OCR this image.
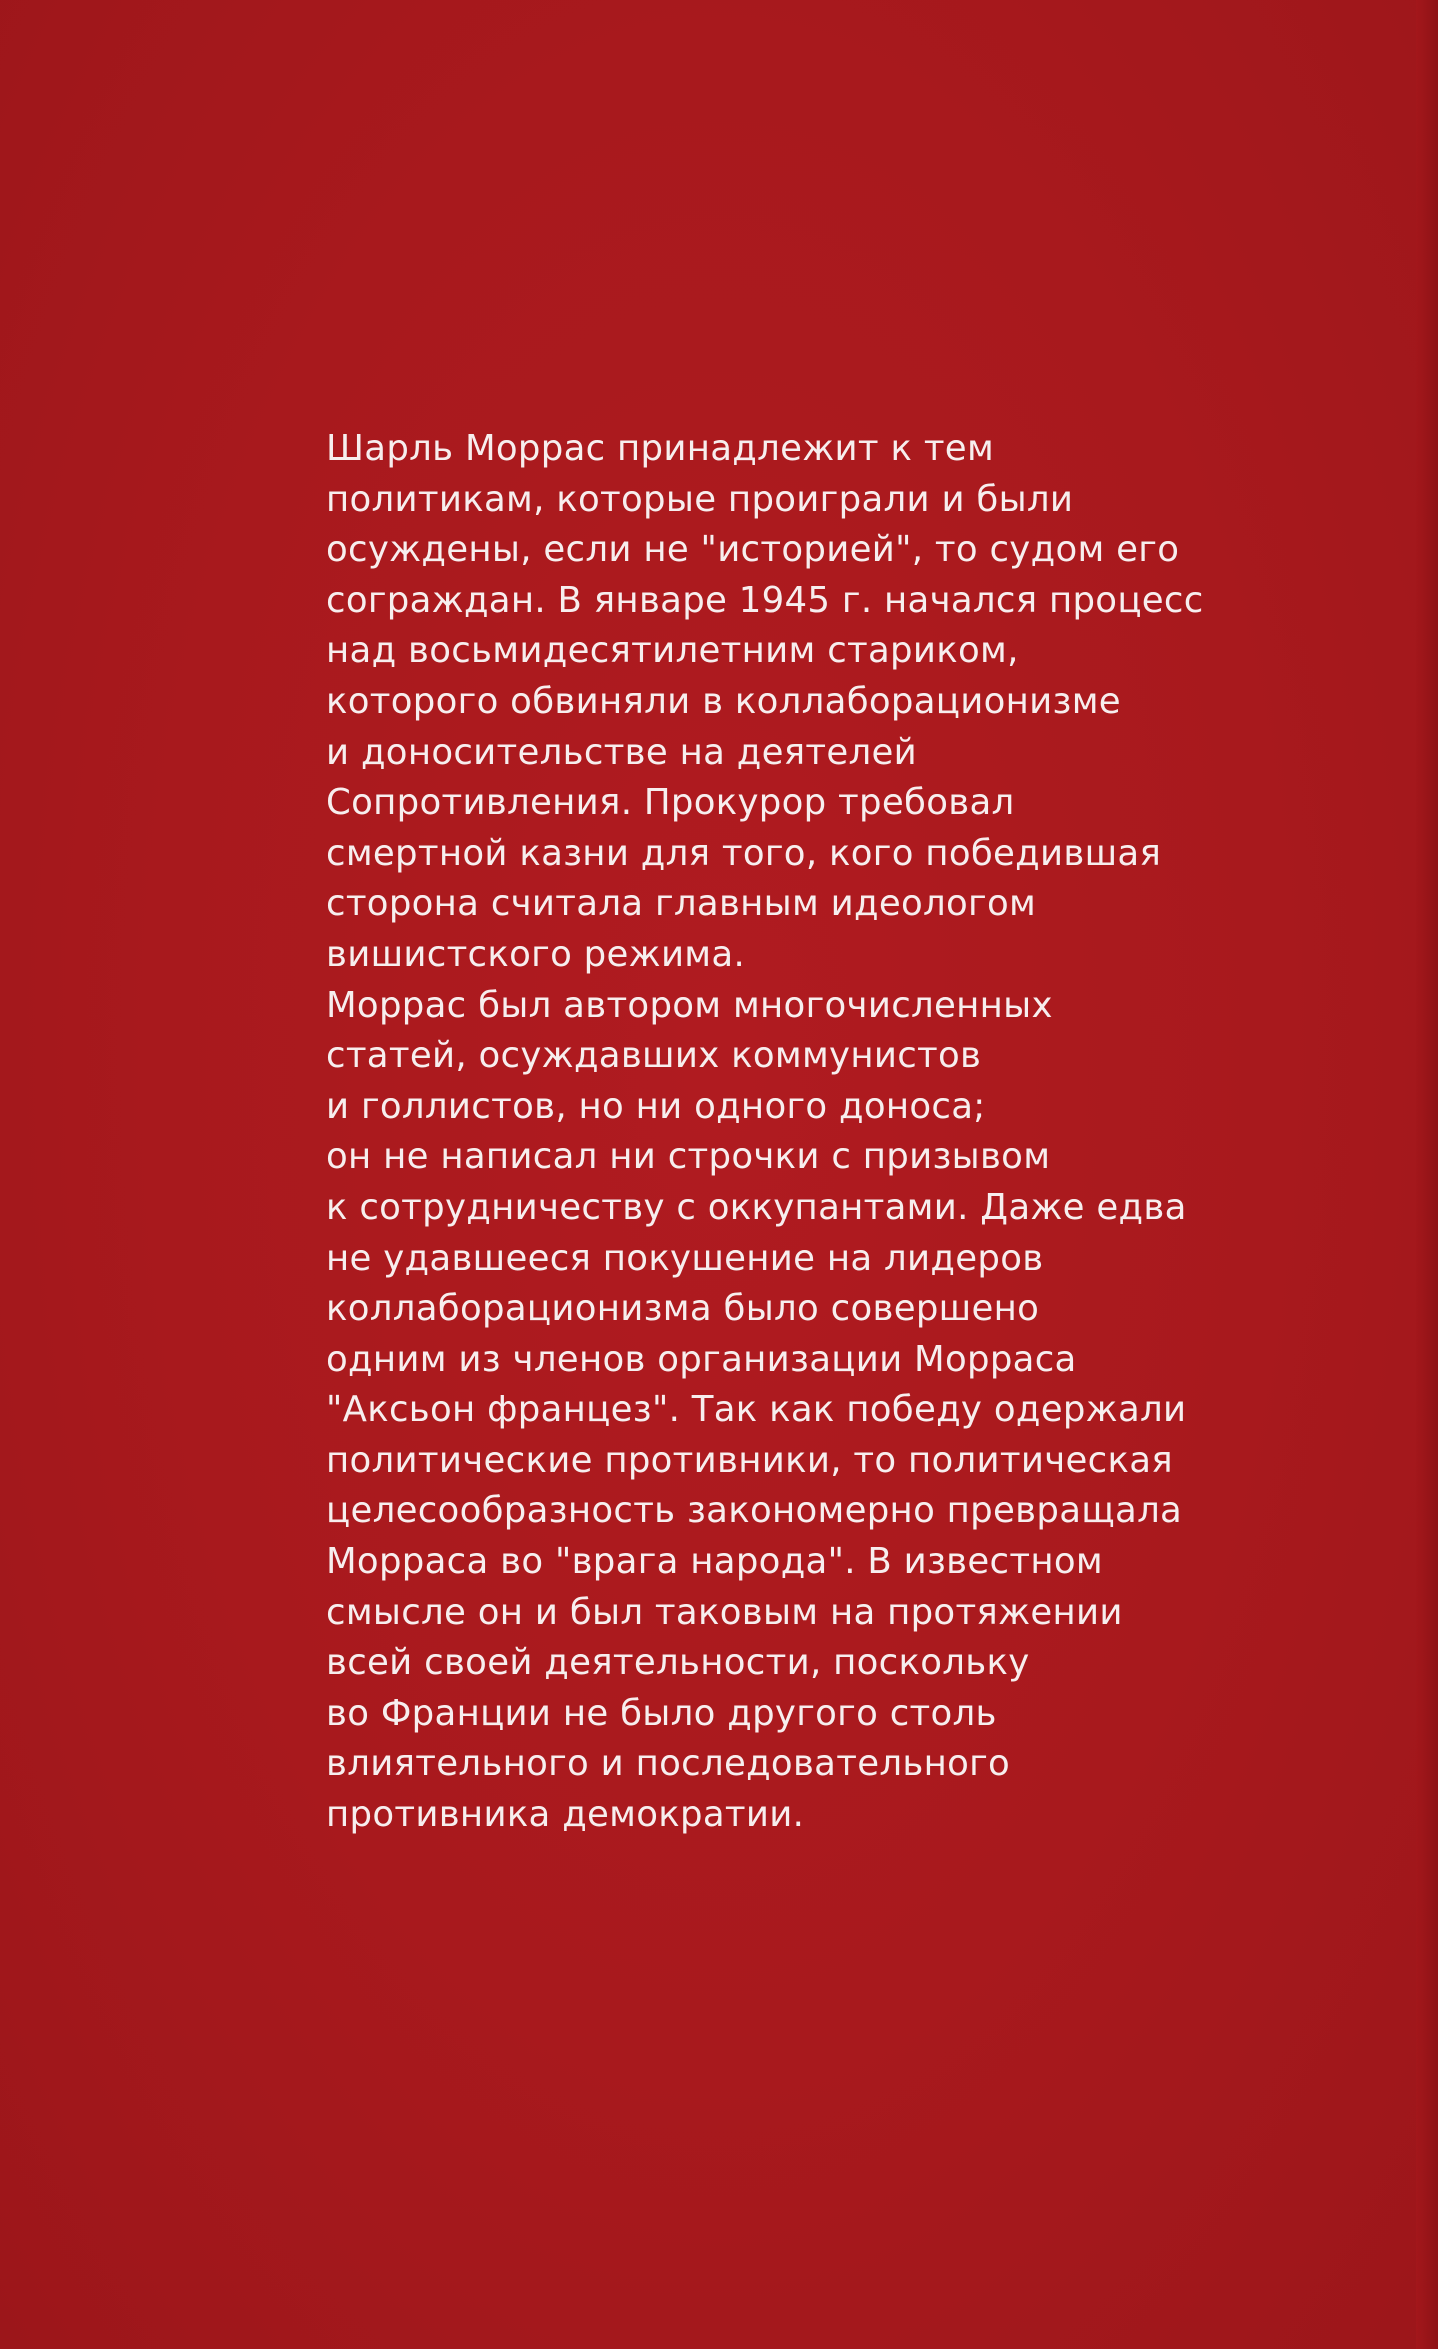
Шарль Моррас принадлежит к тем
политикам, которые проиграли и были
осуждены, если не "историей", то судом его
сограждан. В январе 1945 г. начался процесс
над восьмидесятилетним стариком,
которого обвиняли в коллаборационизме
и доносительстве на деятелей
Сопротивления. Прокурор требовал
смертной казни для того, кого победившая
сторона считала главным идеологом
вишистского режима.
Моррас был автором многочисленных
статей, осуждавших коммунистов
и голлистов, но ни одного доноса;
он не написал ни строчки с призывом
к сотрудничеству с оккупантами. Даже едва
не удавшееся покушение на лидеров
коллаборационизма было совершено
одним из членов организации Морраса
"Аксьон францез". Так как победу одержали
политические противники, то политическая
целесообразность закономерно превращала
Морраса во "врага народа". В известном
смысле он и был таковым на протяжении
всей своей деятельности, поскольку
во Франции не было другого столь
влиятельного и последовательного
противника демократии.
